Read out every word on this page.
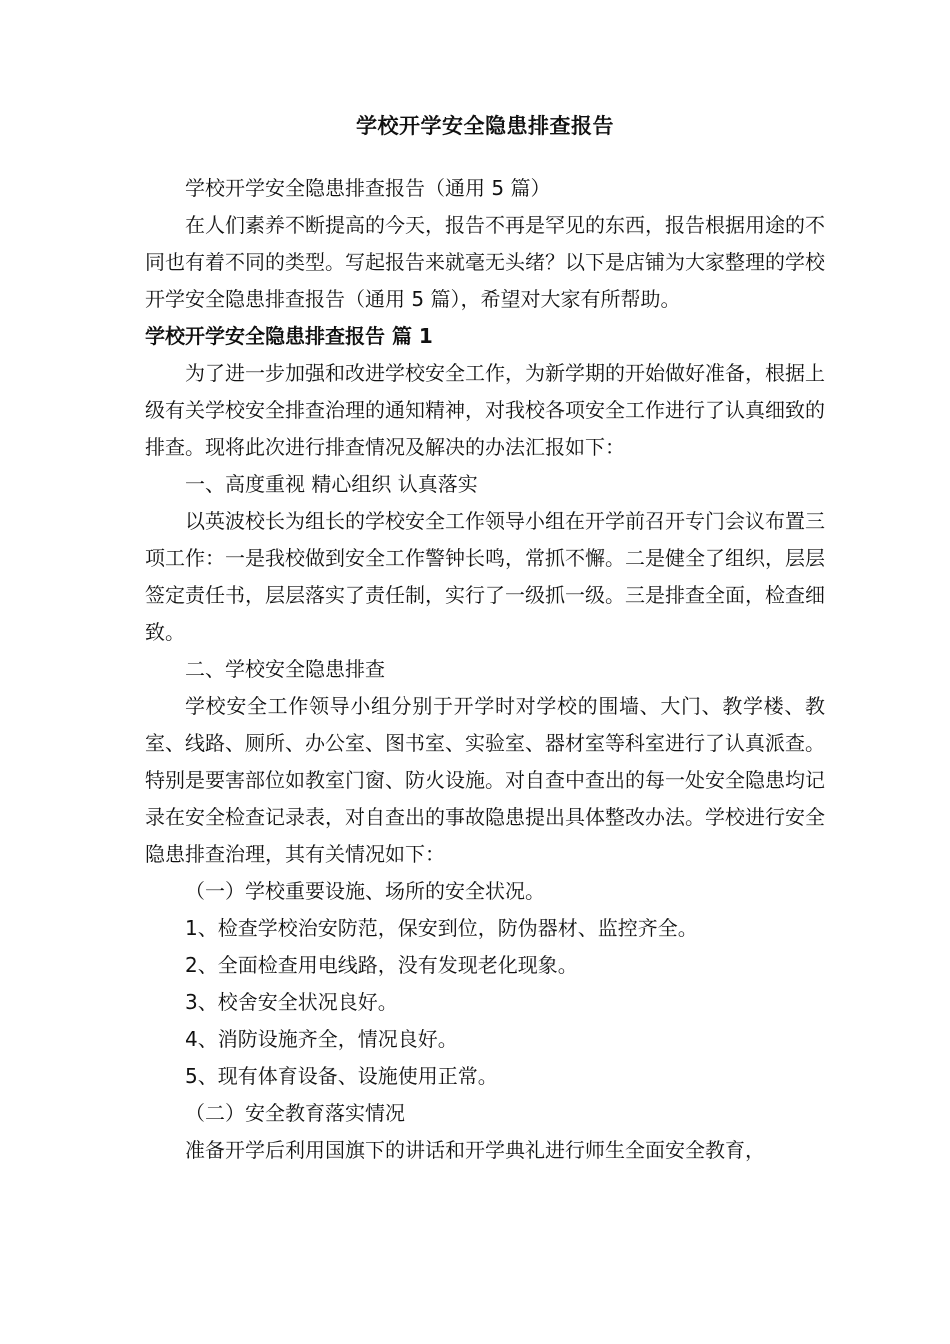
学校开学安全隐患排查报告

学校开学安全隐患排查报告（通用 5 篇）

在人们素养不断提高的今天，报告不再是罕见的东西，报告根据用途的不同也有着不同的类型。写起报告来就毫无头绪？以下是店铺为大家整理的学校开学安全隐患排查报告（通用 5 篇），希望对大家有所帮助。

学校开学安全隐患排查报告 篇 1

为了进一步加强和改进学校安全工作，为新学期的开始做好准备，根据上级有关学校安全排查治理的通知精神，对我校各项安全工作进行了认真细致的排查。现将此次进行排查情况及解决的办法汇报如下：

一、高度重视 精心组织 认真落实

以英波校长为组长的学校安全工作领导小组在开学前召开专门会议布置三项工作：一是我校做到安全工作警钟长鸣，常抓不懈。二是健全了组织，层层签定责任书，层层落实了责任制，实行了一级抓一级。三是排查全面，检查细致。

二、学校安全隐患排查

学校安全工作领导小组分别于开学时对学校的围墙、大门、教学楼、教室、线路、厕所、办公室、图书室、实验室、器材室等科室进行了认真派查。特别是要害部位如教室门窗、防火设施。对自查中查出的每一处安全隐患均记录在安全检查记录表，对自查出的事故隐患提出具体整改办法。学校进行安全隐患排查治理，其有关情况如下：

（一）学校重要设施、场所的安全状况。

1、检查学校治安防范，保安到位，防伪器材、监控齐全。

2、全面检查用电线路，没有发现老化现象。

3、校舍安全状况良好。

4、消防设施齐全，情况良好。

5、现有体育设备、设施使用正常。

（二）安全教育落实情况

准备开学后利用国旗下的讲话和开学典礼进行师生全面安全教育，
